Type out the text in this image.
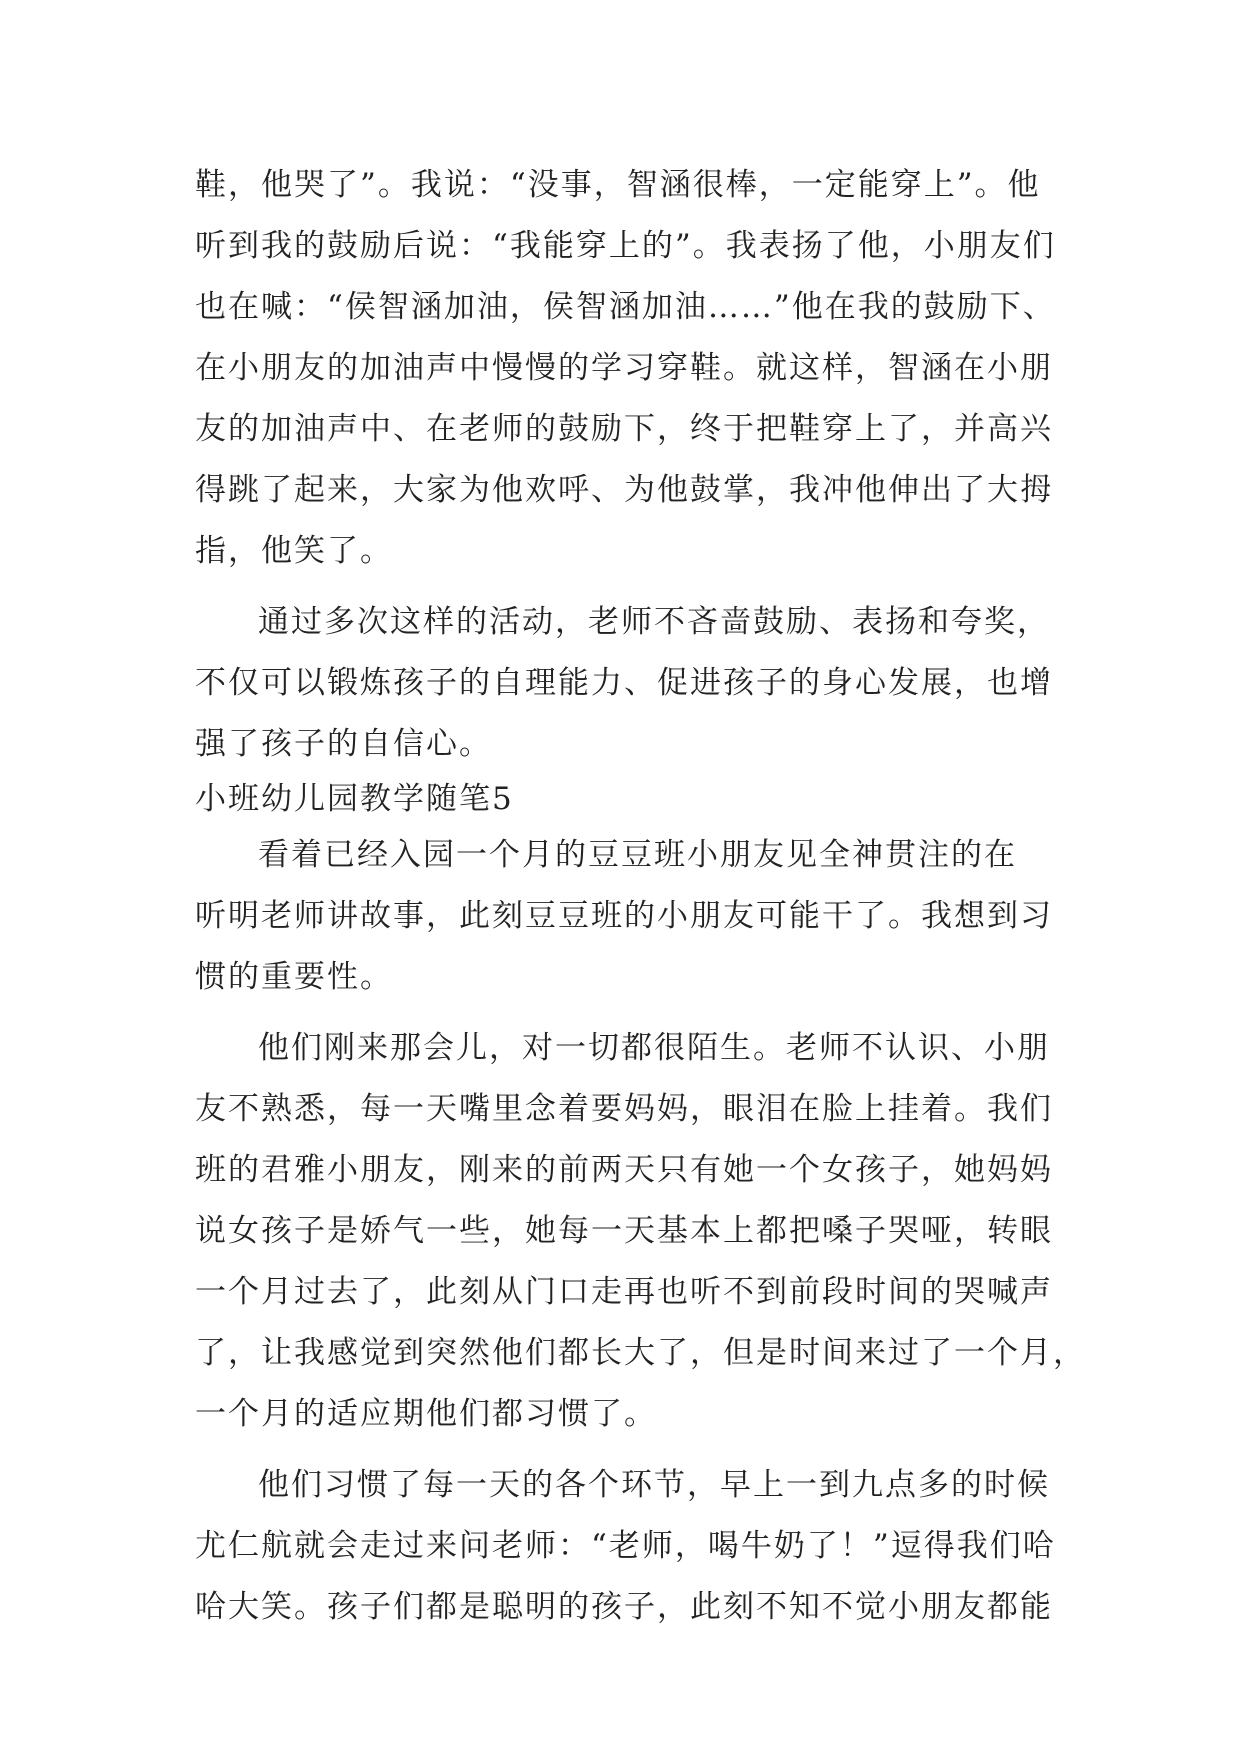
鞋，他哭了”。我说：“没事，智涵很棒，一定能穿上”。他
听到我的鼓励后说：“我能穿上的”。我表扬了他，小朋友们
也在喊：“侯智涵加油，侯智涵加油……”他在我的鼓励下、
在小朋友的加油声中慢慢的学习穿鞋。就这样，智涵在小朋
友的加油声中、在老师的鼓励下，终于把鞋穿上了，并高兴
得跳了起来，大家为他欢呼、为他鼓掌，我冲他伸出了大拇
指，他笑了。
通过多次这样的活动，老师不吝啬鼓励、表扬和夸奖，
不仅可以锻炼孩子的自理能力、促进孩子的身心发展，也增
强了孩子的自信心。
小班幼儿园教学随笔5
看着已经入园一个月的豆豆班小朋友见全神贯注的在
听明老师讲故事，此刻豆豆班的小朋友可能干了。我想到习
惯的重要性。
他们刚来那会儿，对一切都很陌生。老师不认识、小朋
友不熟悉，每一天嘴里念着要妈妈，眼泪在脸上挂着。我们
班的君雅小朋友，刚来的前两天只有她一个女孩子，她妈妈
说女孩子是娇气一些，她每一天基本上都把嗓子哭哑，转眼
一个月过去了，此刻从门口走再也听不到前段时间的哭喊声
了，让我感觉到突然他们都长大了，但是时间来过了一个月，
一个月的适应期他们都习惯了。
他们习惯了每一天的各个环节，早上一到九点多的时候
尤仁航就会走过来问老师：“老师，喝牛奶了！”逗得我们哈
哈大笑。孩子们都是聪明的孩子，此刻不知不觉小朋友都能
